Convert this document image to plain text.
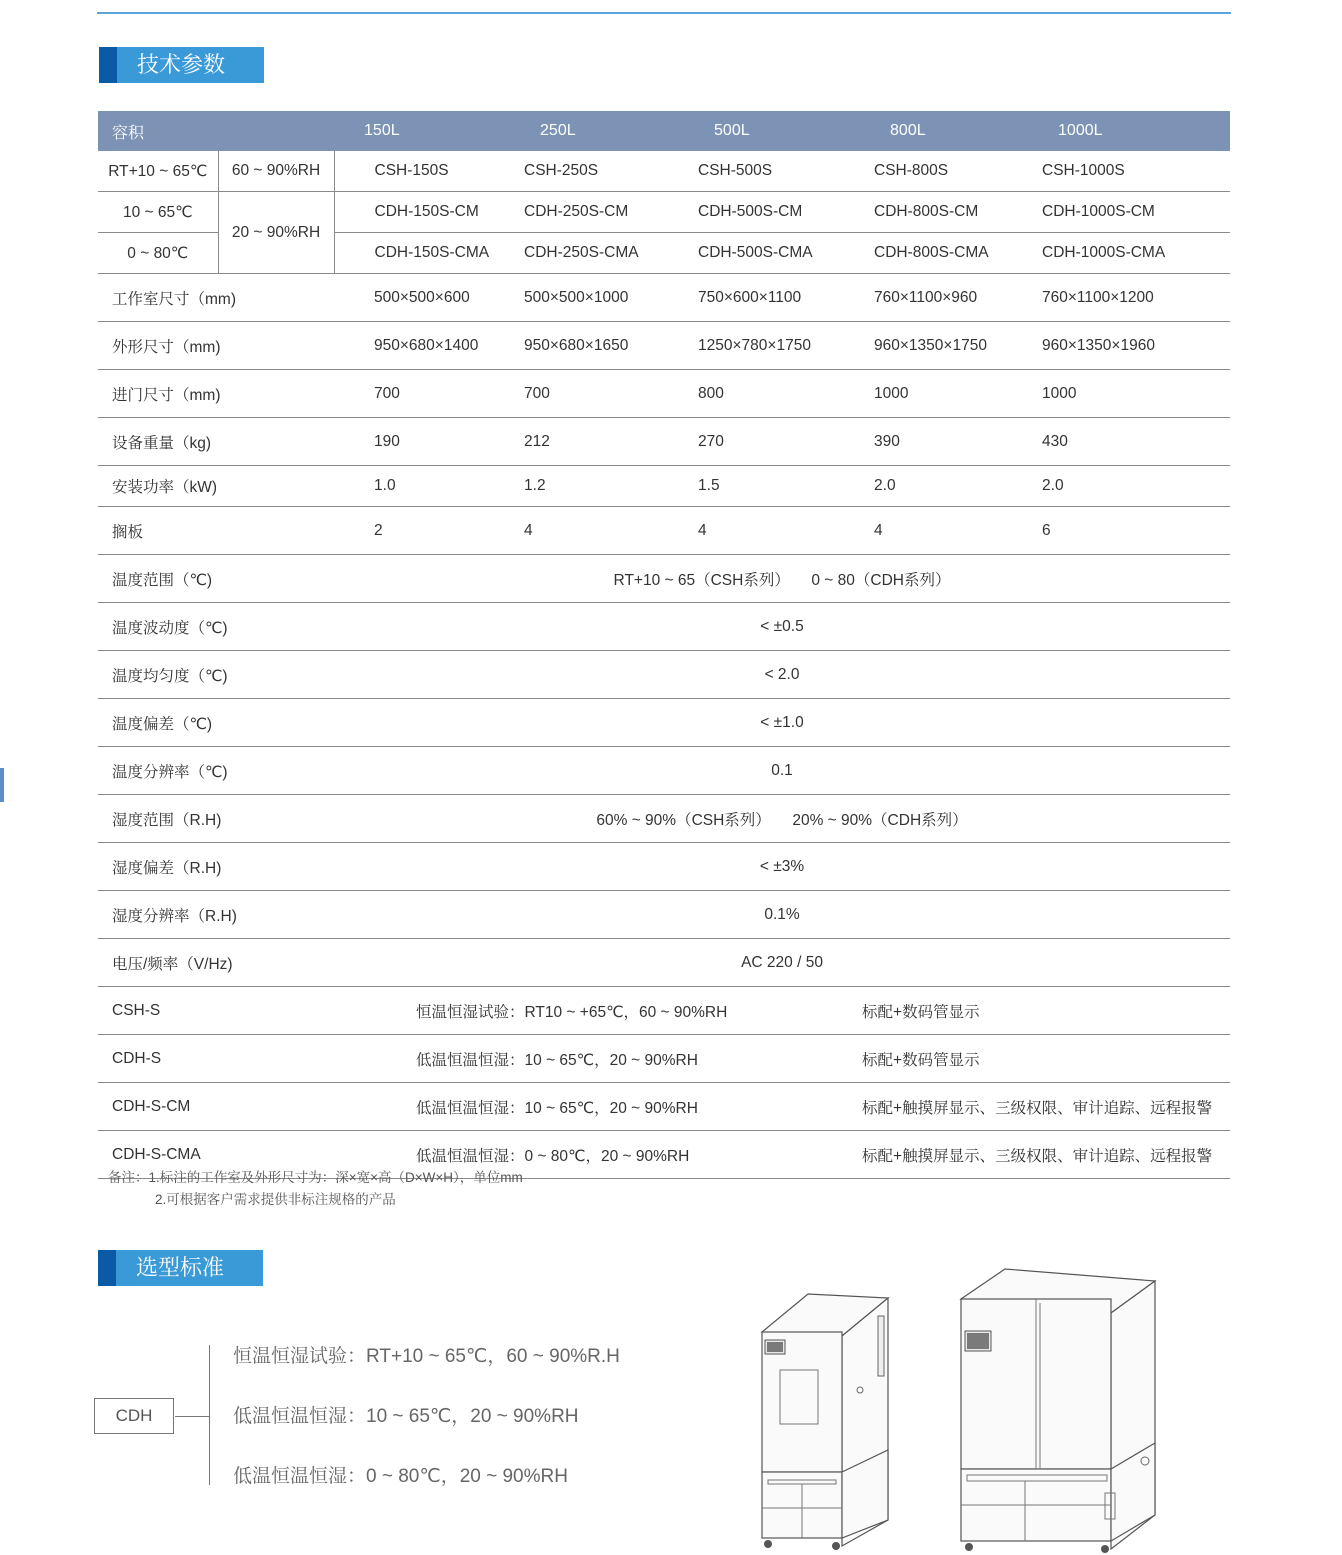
技术参数
容积		150L	250L	500L	800L	1000L
RT+10 ~ 65℃	60 ~ 90%RH	CSH-150S	CSH-250S	CSH-500S	CSH-800S	CSH-1000S
10 ~ 65℃	20 ~ 90%RH	CDH-150S-CM	CDH-250S-CM	CDH-500S-CM	CDH-800S-CM	CDH-1000S-CM
0 ~ 80℃		CDH-150S-CMA	CDH-250S-CMA	CDH-500S-CMA	CDH-800S-CMA	CDH-1000S-CMA
工作室尺寸（mm)		500×500×600	500×500×1000	750×600×1100	760×1100×960	760×1100×1200
外形尺寸（mm)		950×680×1400	950×680×1650	1250×780×1750	960×1350×1750	960×1350×1960
进门尺寸（mm)		700	700	800	1000	1000
设备重量（kg)		190	212	270	390	430
安装功率（kW)		1.0	1.2	1.5	2.0	2.0
搁板		2	4	4	4	6
温度范围（℃)		RT+10 ~ 65（CSH系列）     0 ~ 80（CDH系列）				
温度波动度（℃)		< ±0.5				
温度均匀度（℃)		< 2.0				
温度偏差（℃)		< ±1.0				
温度分辨率（℃)		0.1				
湿度范围（R.H)		60% ~ 90%（CSH系列）     20% ~ 90%（CDH系列）				
湿度偏差（R.H)		< ±3%				
湿度分辨率（R.H)		0.1%				
电压/频率（V/Hz)		AC 220 / 50				
CSH-S		恒温恒湿试验：RT10 ~ +65℃，60 ~ 90%RH			标配+数码管显示	
CDH-S		低温恒温恒湿：10 ~ 65℃，20 ~ 90%RH			标配+数码管显示	
CDH-S-CM		低温恒温恒湿：10 ~ 65℃，20 ~ 90%RH			标配+触摸屏显示、三级权限、审计追踪、远程报警	
CDH-S-CMA		低温恒温恒湿：0 ~ 80℃，20 ~ 90%RH			标配+触摸屏显示、三级权限、审计追踪、远程报警	
备注：1.标注的工作室及外形尺寸为：深×宽×高（D×W×H），单位mm
2.可根据客户需求提供非标注规格的产品
选型标准
CDH
恒温恒湿试验：RT+10 ~ 65℃，60 ~ 90%R.H
低温恒温恒湿：10 ~ 65℃，20 ~ 90%RH
低温恒温恒湿：0 ~ 80℃，20 ~ 90%RH
